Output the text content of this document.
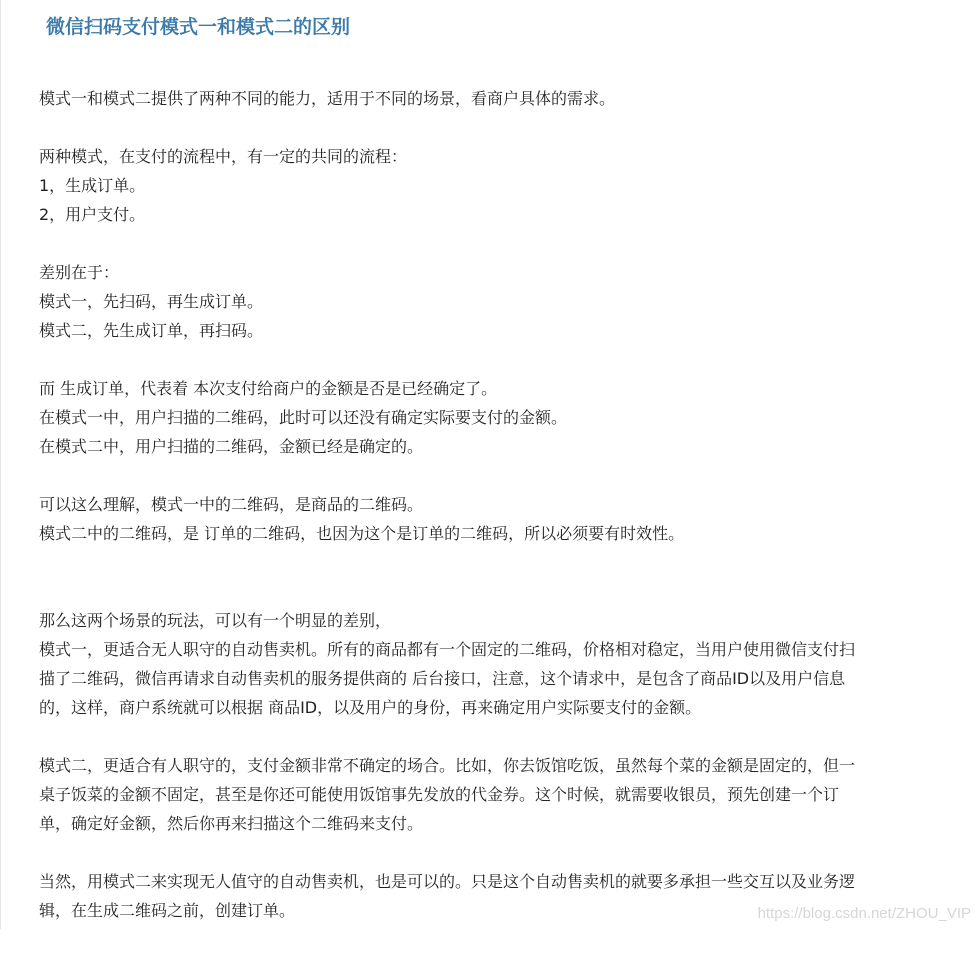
微信扫码支付模式一和模式二的区别

模式一和模式二提供了两种不同的能力，适用于不同的场景，看商户具体的需求。

两种模式，在支付的流程中，有一定的共同的流程：
1，生成订单。
2，用户支付。

差别在于：
模式一，先扫码，再生成订单。
模式二，先生成订单，再扫码。

而 生成订单，代表着 本次支付给商户的金额是否是已经确定了。
在模式一中，用户扫描的二维码，此时可以还没有确定实际要支付的金额。
在模式二中，用户扫描的二维码，金额已经是确定的。

可以这么理解，模式一中的二维码，是商品的二维码。
模式二中的二维码，是 订单的二维码，也因为这个是订单的二维码，所以必须要有时效性。

那么这两个场景的玩法，可以有一个明显的差别，
模式一，更适合无人职守的自动售卖机。所有的商品都有一个固定的二维码，价格相对稳定，当用户使用微信支付扫
描了二维码，微信再请求自动售卖机的服务提供商的 后台接口，注意，这个请求中，是包含了商品ID以及用户信息
的，这样，商户系统就可以根据 商品ID，以及用户的身份，再来确定用户实际要支付的金额。

模式二，更适合有人职守的，支付金额非常不确定的场合。比如，你去饭馆吃饭，虽然每个菜的金额是固定的，但一
桌子饭菜的金额不固定，甚至是你还可能使用饭馆事先发放的代金券。这个时候，就需要收银员，预先创建一个订
单，确定好金额，然后你再来扫描这个二维码来支付。

当然，用模式二来实现无人值守的自动售卖机，也是可以的。只是这个自动售卖机的就要多承担一些交互以及业务逻
辑，在生成二维码之前，创建订单。	https://blog.csdn.net/ZHOU_VIP
